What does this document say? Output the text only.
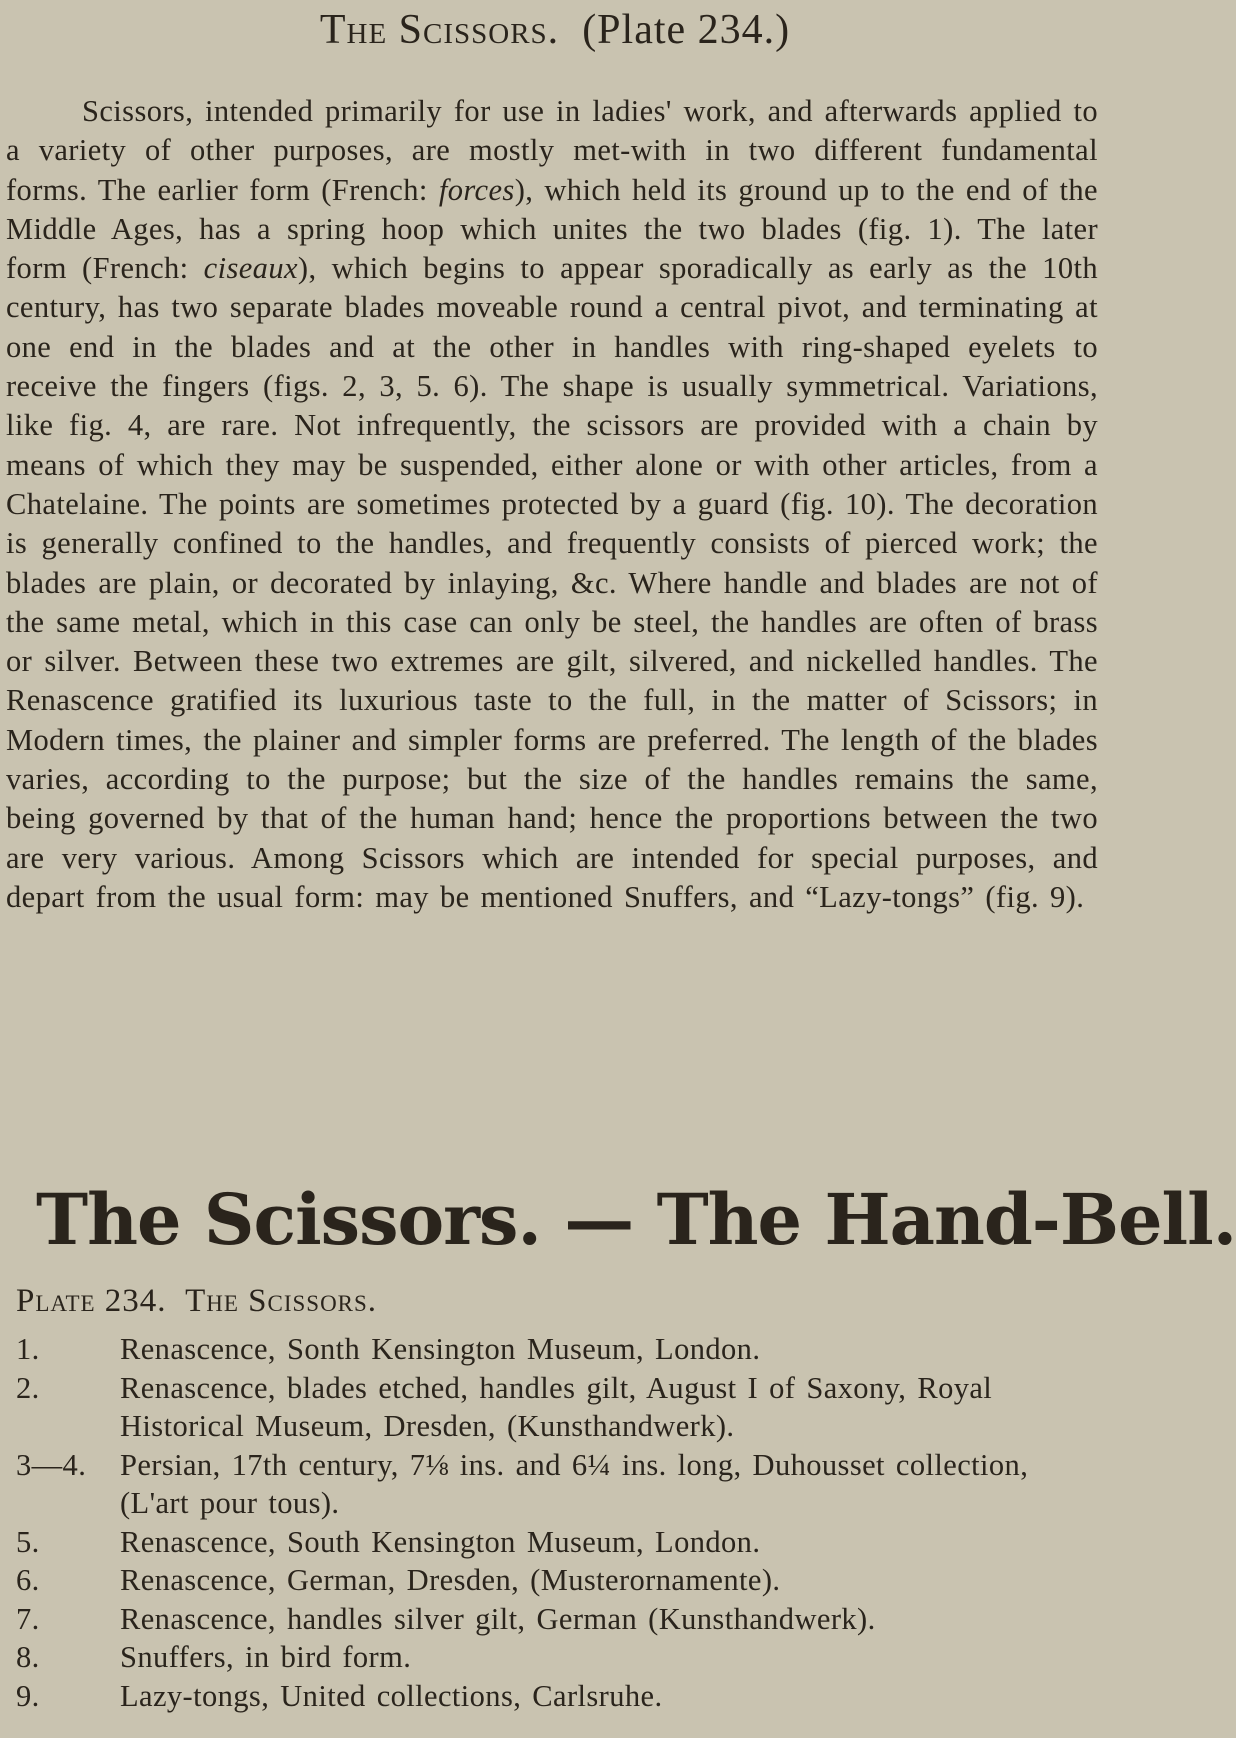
The Scissors. (Plate 234.)

Scissors, intended primarily for use in ladies' work, and afterwards applied to a variety of other purposes, are mostly met-with in two different fundamental forms. The earlier form (French: forces), which held its ground up to the end of the Middle Ages, has a spring hoop which unites the two blades (fig. 1). The later form (French: ciseaux), which begins to appear sporadically as early as the 10th century, has two separate blades moveable round a central pivot, and terminating at one end in the blades and at the other in handles with ring-shaped eyelets to receive the fingers (figs. 2, 3, 5. 6). The shape is usually symmetrical. Variations, like fig. 4, are rare. Not infrequently, the scissors are provided with a chain by means of which they may be suspended, either alone or with other articles, from a Chatelaine. The points are sometimes protected by a guard (fig. 10). The decoration is generally confined to the handles, and frequently consists of pierced work; the blades are plain, or decorated by inlaying, &c. Where handle and blades are not of the same metal, which in this case can only be steel, the handles are often of brass or silver. Between these two extremes are gilt, silvered, and nickelled handles. The Renascence gratified its luxurious taste to the full, in the matter of Scissors; in Modern times, the plainer and simpler forms are preferred. The length of the blades varies, according to the purpose; but the size of the handles remains the same, being governed by that of the human hand; hence the proportions between the two are very various. Among Scissors which are intended for special purposes, and depart from the usual form: may be mentioned Snuffers, and “Lazy-tongs” (fig. 9).

The Scissors. — The Hand-Bell.
Plate 234. The Scissors.
1.	Renascence, Sonth Kensington Museum, London.
2.	Renascence, blades etched, handles gilt, August I of Saxony, Royal Historical Museum, Dresden, (Kunsthandwerk).
3—4.	Persian, 17th century, 7⅛ ins. and 6¼ ins. long, Duhousset collection, (L'art pour tous).
5.	Renascence, South Kensington Museum, London.
6.	Renascence, German, Dresden, (Musterornamente).
7.	Renascence, handles silver gilt, German (Kunsthandwerk).
8.	Snuffers, in bird form.
9.	Lazy-tongs, United collections, Carlsruhe.
